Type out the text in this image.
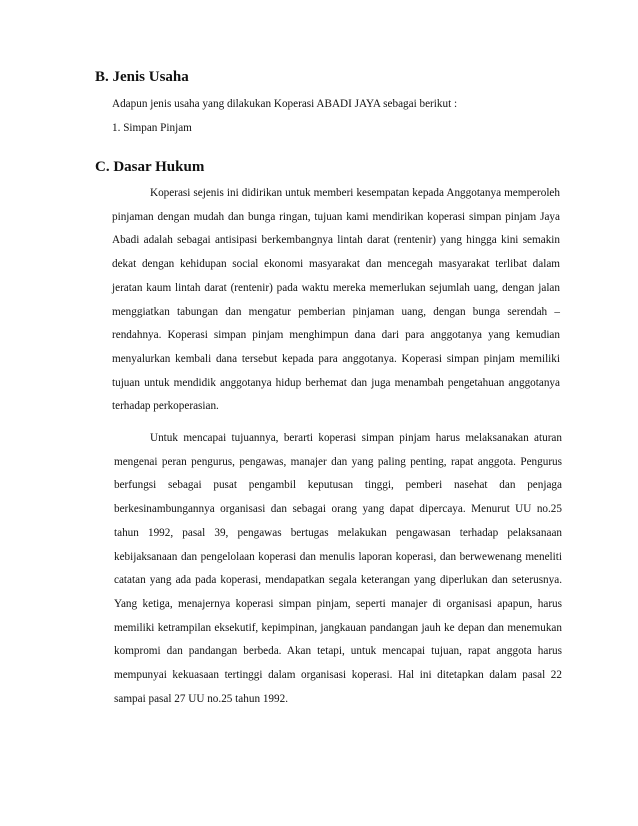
B. Jenis Usaha

Adapun jenis usaha yang dilakukan Koperasi ABADI JAYA sebagai berikut :

1. Simpan Pinjam

C. Dasar Hukum

Koperasi sejenis ini didirikan untuk memberi kesempatan kepada Anggotanya memperoleh pinjaman dengan mudah dan bunga ringan, tujuan kami mendirikan koperasi simpan pinjam Jaya Abadi adalah sebagai antisipasi berkembangnya lintah darat (rentenir) yang hingga kini semakin dekat dengan kehidupan social ekonomi masyarakat dan mencegah masyarakat terlibat dalam jeratan kaum lintah darat (rentenir) pada waktu mereka memerlukan sejumlah uang, dengan jalan menggiatkan tabungan dan mengatur pemberian pinjaman uang, dengan bunga serendah – rendahnya. Koperasi simpan pinjam menghimpun dana dari para anggotanya yang kemudian menyalurkan kembali dana tersebut kepada para anggotanya. Koperasi simpan pinjam memiliki tujuan untuk mendidik anggotanya hidup berhemat dan juga menambah pengetahuan anggotanya terhadap perkoperasian.

Untuk mencapai tujuannya, berarti koperasi simpan pinjam harus melaksanakan aturan mengenai peran pengurus, pengawas, manajer dan yang paling penting, rapat anggota. Pengurus berfungsi sebagai pusat pengambil keputusan tinggi, pemberi nasehat dan penjaga berkesinambungannya organisasi dan sebagai orang yang dapat dipercaya. Menurut UU no.25 tahun 1992, pasal 39, pengawas bertugas melakukan pengawasan terhadap pelaksanaan kebijaksanaan dan pengelolaan koperasi dan menulis laporan koperasi, dan berwewenang meneliti catatan yang ada pada koperasi, mendapatkan segala keterangan yang diperlukan dan seterusnya. Yang ketiga, menajernya koperasi simpan pinjam, seperti manajer di organisasi apapun, harus memiliki ketrampilan eksekutif, kepimpinan, jangkauan pandangan jauh ke depan dan menemukan kompromi dan pandangan berbeda. Akan tetapi, untuk mencapai tujuan, rapat anggota harus mempunyai kekuasaan tertinggi dalam organisasi koperasi. Hal ini ditetapkan dalam pasal 22 sampai pasal 27 UU no.25 tahun 1992.
